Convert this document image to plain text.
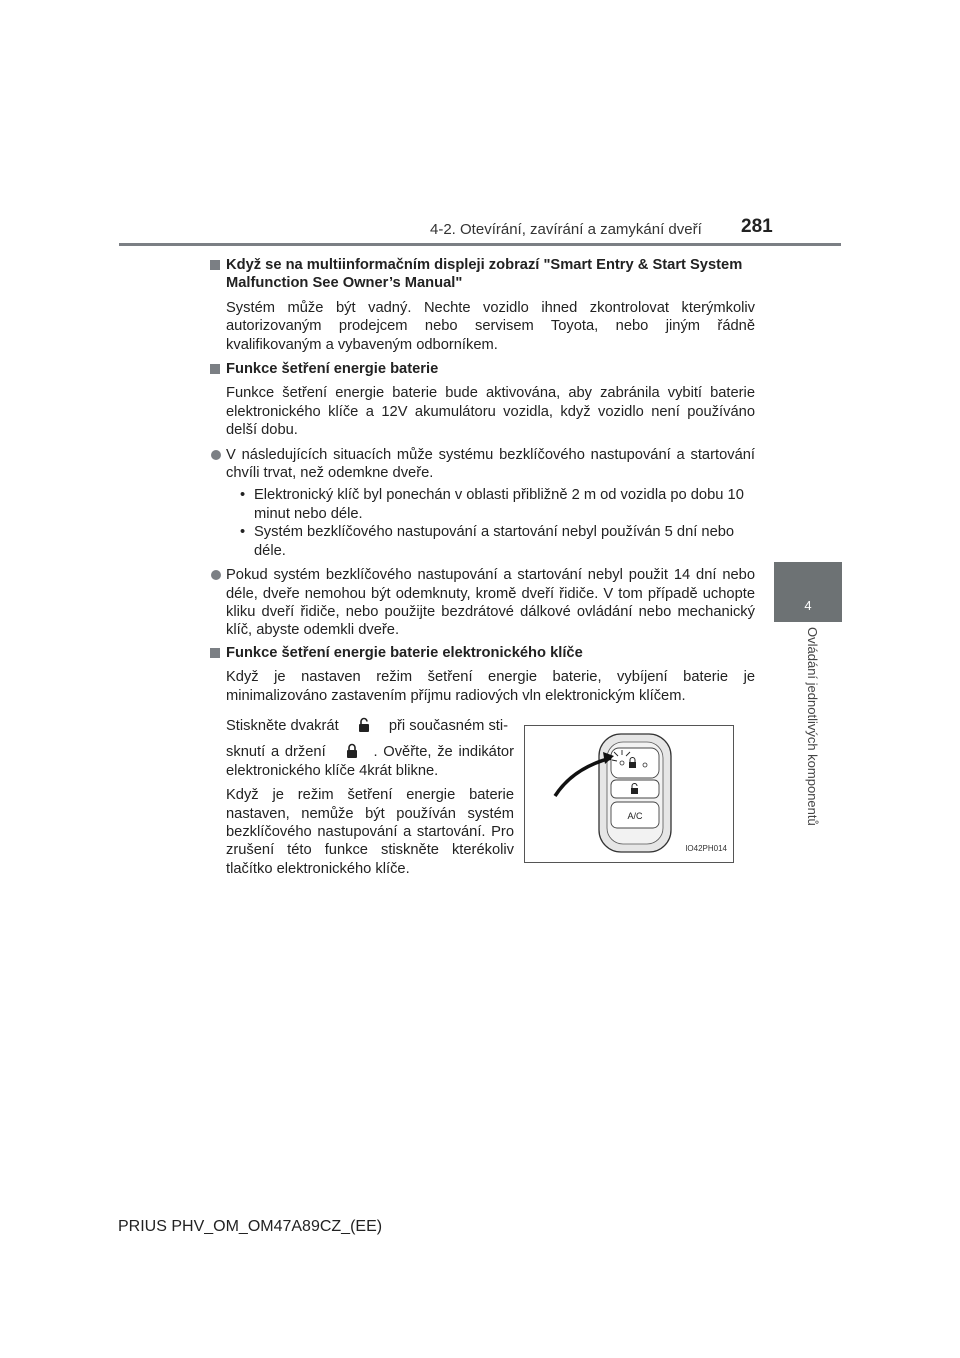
4-2. Otevírání, zavírání a zamykání dveří 281
4
Ovládání jednotlivých komponentů

Když se na multiinformačním displeji zobrazí "Smart Entry & Start System Malfunction See Owner’s Manual"

Systém může být vadný. Nechte vozidlo ihned zkontrolovat kterýmkoliv autorizovaným prodejcem nebo servisem Toyota, nebo jiným řádně kvalifikovaným a vybaveným odborníkem.

Funkce šetření energie baterie

Funkce šetření energie baterie bude aktivována, aby zabránila vybití baterie elektronického klíče a 12V akumulátoru vozidla, když vozidlo není používáno delší dobu.

V následujících situacích může systému bezklíčového nastupování a startování chvíli trvat, než odemkne dveře.
• Elektronický klíč byl ponechán v oblasti přibližně 2 m od vozidla po dobu 10 minut nebo déle.
• Systém bezklíčového nastupování a startování nebyl používán 5 dní nebo déle.
Pokud systém bezklíčového nastupování a startování nebyl použit 14 dní nebo déle, dveře nemohou být odemknuty, kromě dveří řidiče. V tom případě uchopte kliku dveří řidiče, nebo použijte bezdrátové dálkové ovládání nebo mechanický klíč, abyste odemkli dveře.

Funkce šetření energie baterie elektronického klíče

Když je nastaven režim šetření energie baterie, vybíjení baterie je minimalizováno zastavením příjmu radiových vln elektronickým klíčem.

Stiskněte dvakrát	při současném sti-

sknutí a držení	. Ověřte, že indikátor elektronického klíče 4krát blikne.

Když je režim šetření energie baterie nastaven, nemůže být používán systém bezklíčového nastupování a startování. Pro zrušení této funkce stiskněte kterékoliv tlačítko elektronického klíče.

A/C
IO42PH014
PRIUS PHV_OM_OM47A89CZ_(EE)
